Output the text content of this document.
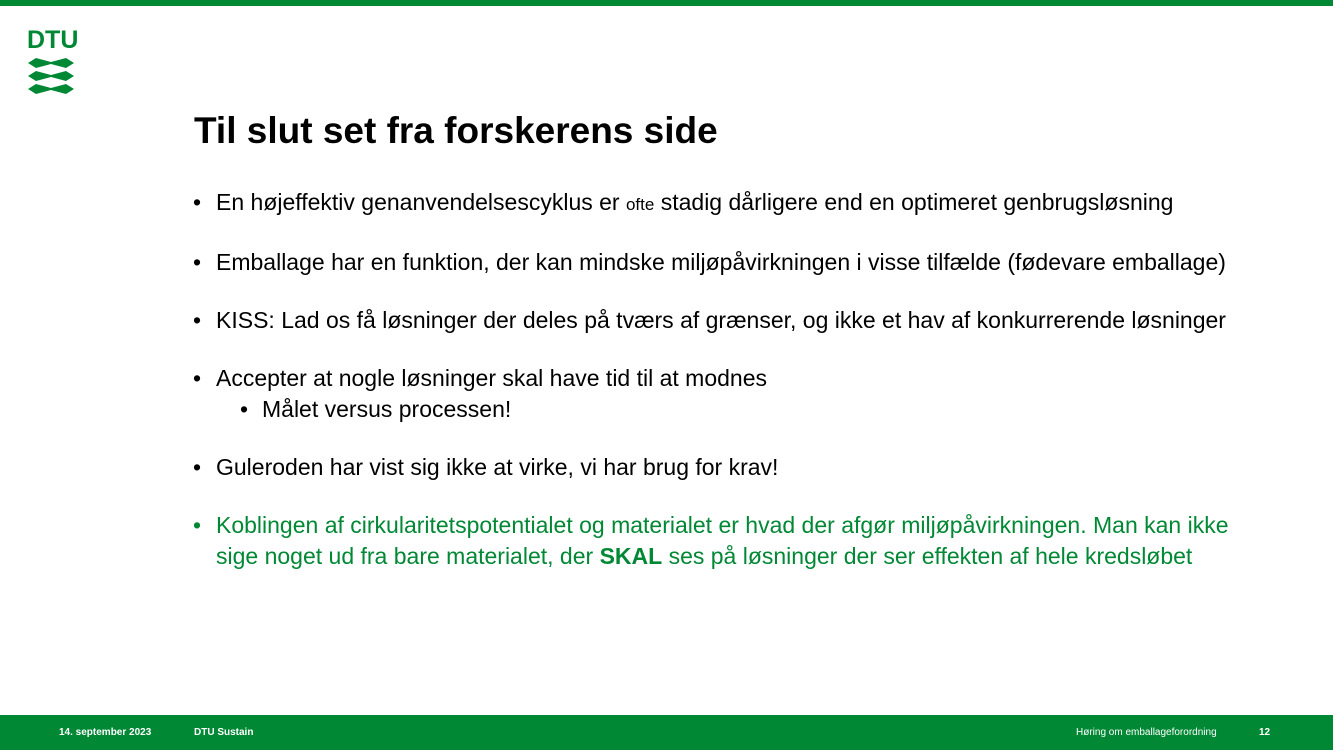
DTU
Til slut set fra forskerens side
• En højeffektiv genanvendelsescyklus er ofte stadig dårligere end en optimeret genbrugsløsning
• Emballage har en funktion, der kan mindske miljøpåvirkningen i visse tilfælde (fødevare emballage)
• KISS: Lad os få løsninger der deles på tværs af grænser, og ikke et hav af konkurrerende løsninger
• Accepter at nogle løsninger skal have tid til at modnes
• Målet versus processen!
• Guleroden har vist sig ikke at virke, vi har brug for krav!
• Koblingen af cirkularitetspotentialet og materialet er hvad der afgør miljøpåvirkningen. Man kan ikke sige noget ud fra bare materialet, der SKAL ses på løsninger der ser effekten af hele kredsløbet
14. september 2023	DTU Sustain	Høring om emballageforordning	12
